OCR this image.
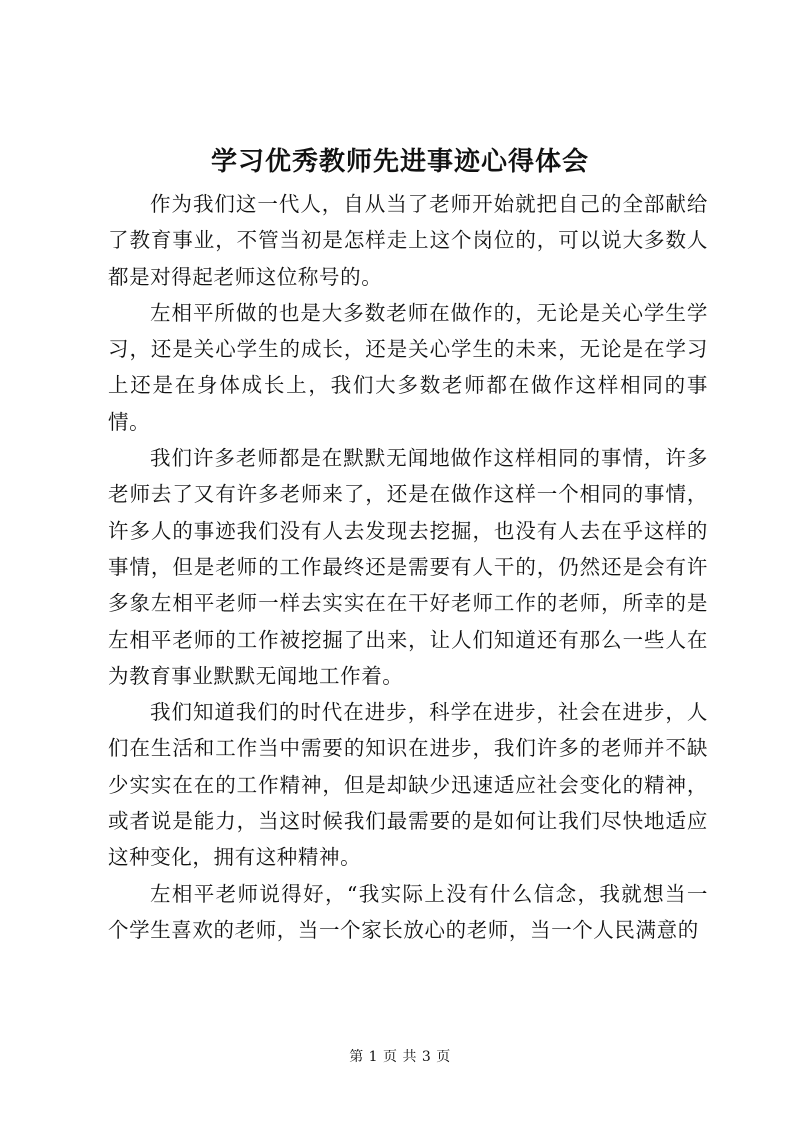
学习优秀教师先进事迹心得体会

作为我们这一代人，自从当了老师开始就把自己的全部献给了教育事业，不管当初是怎样走上这个岗位的，可以说大多数人都是对得起老师这位称号的。

左相平所做的也是大多数老师在做作的，无论是关心学生学习，还是关心学生的成长，还是关心学生的未来，无论是在学习上还是在身体成长上，我们大多数老师都在做作这样相同的事情。

我们许多老师都是在默默无闻地做作这样相同的事情，许多老师去了又有许多老师来了，还是在做作这样一个相同的事情，许多人的事迹我们没有人去发现去挖掘，也没有人去在乎这样的事情，但是老师的工作最终还是需要有人干的，仍然还是会有许多象左相平老师一样去实实在在干好老师工作的老师，所幸的是左相平老师的工作被挖掘了出来，让人们知道还有那么一些人在为教育事业默默无闻地工作着。

我们知道我们的时代在进步，科学在进步，社会在进步，人们在生活和工作当中需要的知识在进步，我们许多的老师并不缺少实实在在的工作精神，但是却缺少迅速适应社会变化的精神，或者说是能力，当这时候我们最需要的是如何让我们尽快地适应这种变化，拥有这种精神。

左相平老师说得好，“我实际上没有什么信念，我就想当一个学生喜欢的老师，当一个家长放心的老师，当一个人民满意的

第 1 页 共 3 页
